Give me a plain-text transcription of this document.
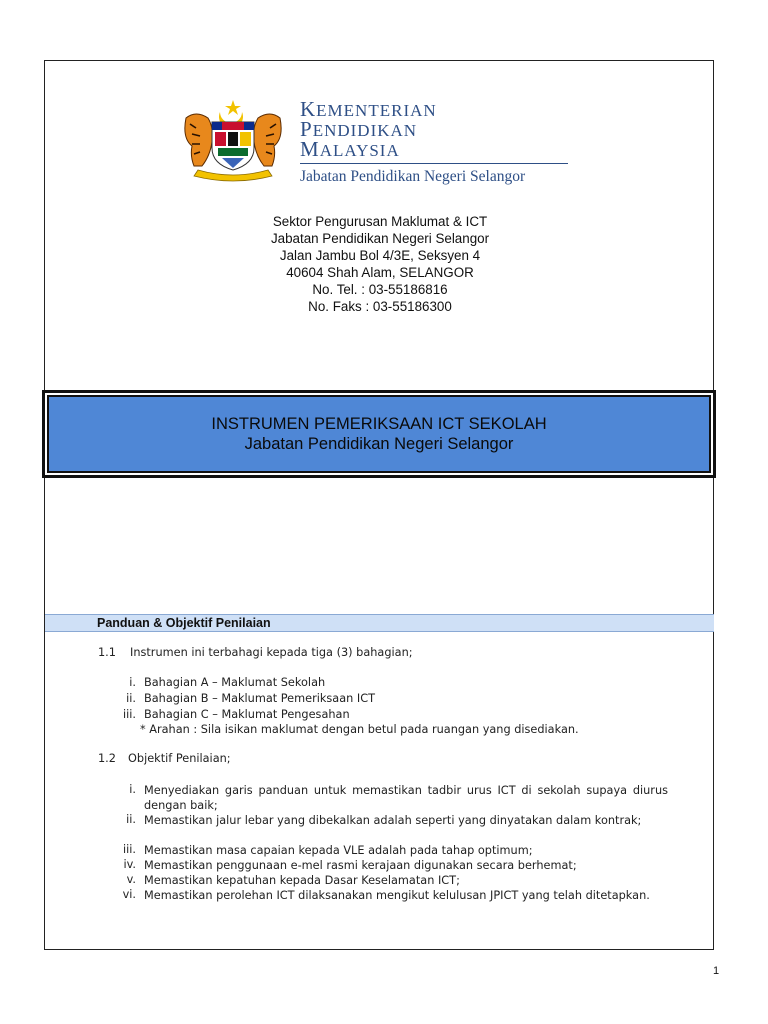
KEMENTERIAN
PENDIDIKAN
MALAYSIA
Jabatan Pendidikan Negeri Selangor
Sektor Pengurusan Maklumat & ICT
Jabatan Pendidikan Negeri Selangor
Jalan Jambu Bol 4/3E, Seksyen 4
40604 Shah Alam, SELANGOR
No. Tel. : 03-55186816
No. Faks : 03-55186300
INSTRUMEN PEMERIKSAAN ICT SEKOLAH
Jabatan Pendidikan Negeri Selangor
Panduan & Objektif Penilaian
1.1 Instrumen ini terbahagi kepada tiga (3) bahagian;
i. Bahagian A – Maklumat Sekolah
ii. Bahagian B – Maklumat Pemeriksaan ICT
iii. Bahagian C – Maklumat Pengesahan
* Arahan : Sila isikan maklumat dengan betul pada ruangan yang disediakan.
1.2 Objektif Penilaian;
i. Menyediakan garis panduan untuk memastikan tadbir urus ICT di sekolah supaya diurus dengan baik;
ii. Memastikan jalur lebar yang dibekalkan adalah seperti yang dinyatakan dalam kontrak;
iii. Memastikan masa capaian kepada VLE adalah pada tahap optimum;
iv. Memastikan penggunaan e-mel rasmi kerajaan digunakan secara berhemat;
v. Memastikan kepatuhan kepada Dasar Keselamatan ICT;
vi. Memastikan perolehan ICT dilaksanakan mengikut kelulusan JPICT yang telah ditetapkan.
1
